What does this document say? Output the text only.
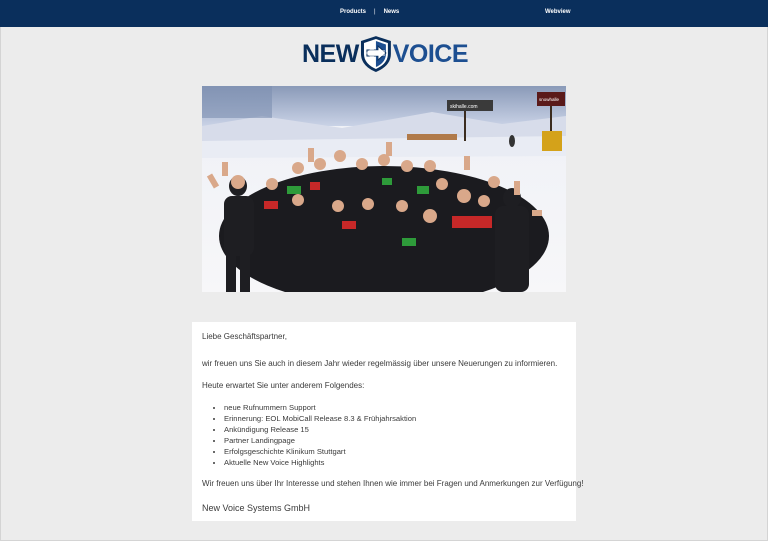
Products | News	Webview
NEW VOICE
skihalle.com
snowhalle
Liebe Geschäftspartner,
wir freuen uns Sie auch in diesem Jahr wieder regelmässig über unsere Neuerungen zu informieren.
Heute erwartet Sie unter anderem Folgendes:
• neue Rufnummern Support
• Erinnerung: EOL MobiCall Release 8.3 & Frühjahrsaktion
• Ankündigung Release 15
• Partner Landingpage
• Erfolgsgeschichte Klinikum Stuttgart
• Aktuelle New Voice Highlights
Wir freuen uns über Ihr Interesse und stehen Ihnen wie immer bei Fragen und Anmerkungen zur Verfügung!
New Voice Systems GmbH
